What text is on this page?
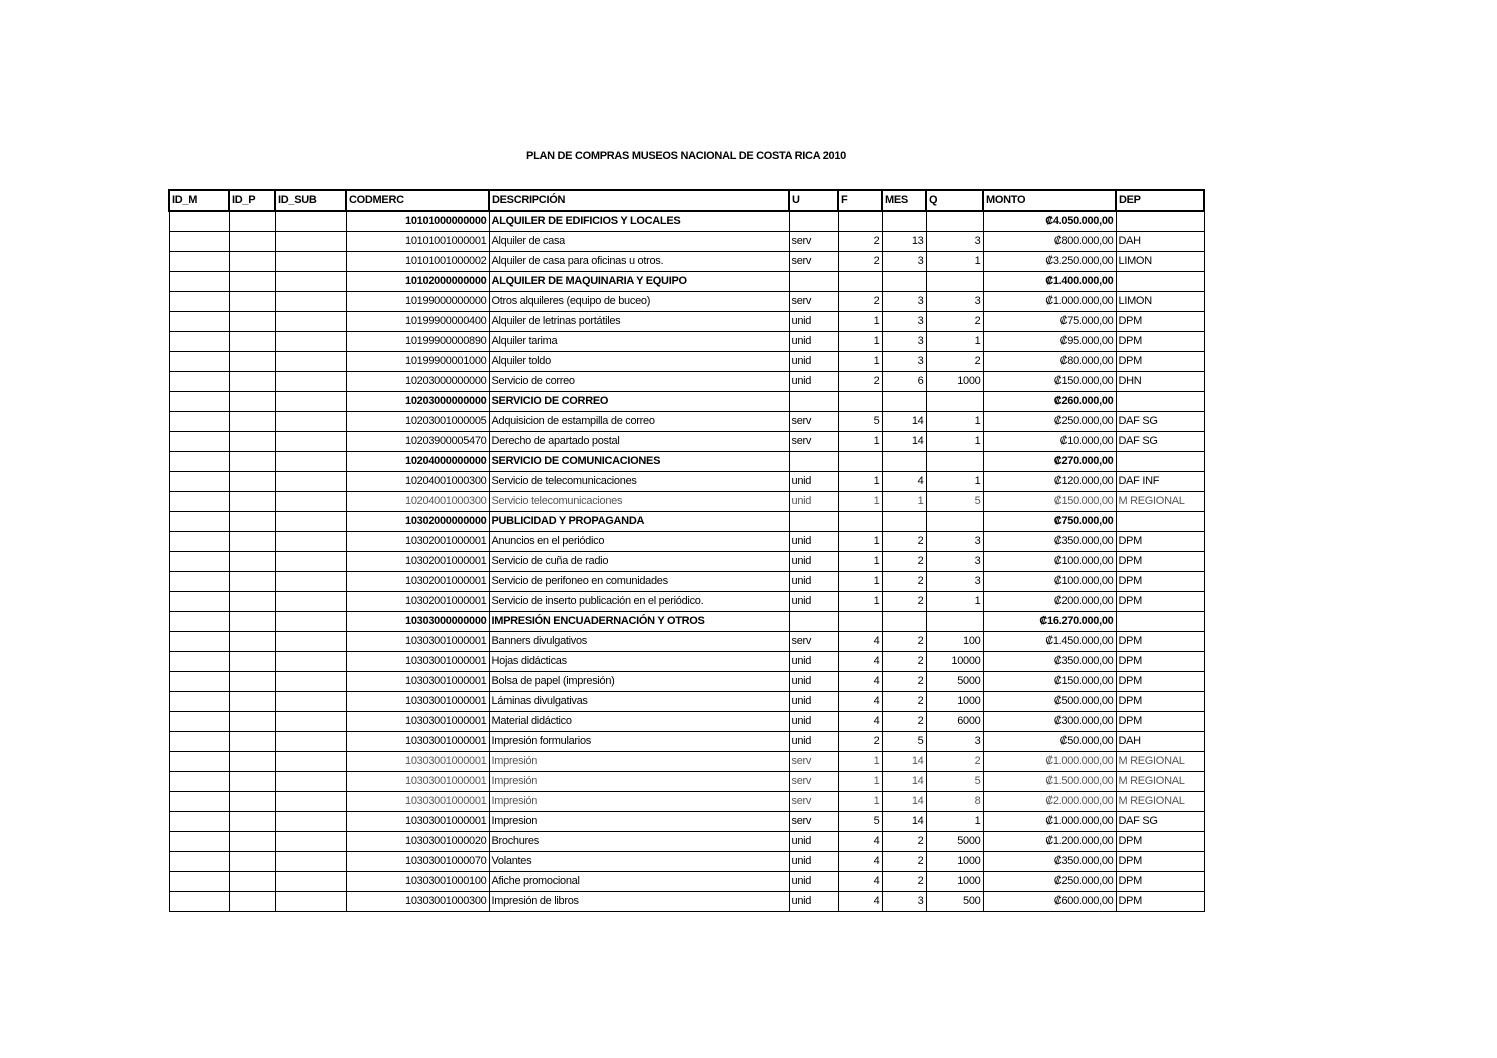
PLAN DE COMPRAS MUSEOS NACIONAL DE COSTA RICA 2010
ID_M	ID_P	ID_SUB	CODMERC	DESCRIPCIÓN	U	F	MES	Q	MONTO	DEP
			10101000000000	ALQUILER DE EDIFICIOS Y LOCALES					₡4.050.000,00	
			10101001000001	Alquiler de casa	serv	2	13	3	₡800.000,00	DAH
			10101001000002	Alquiler de casa para oficinas u otros.	serv	2	3	1	₡3.250.000,00	LIMON
			10102000000000	ALQUILER DE MAQUINARIA Y EQUIPO					₡1.400.000,00	
			10199000000000	Otros alquileres (equipo de buceo)	serv	2	3	3	₡1.000.000,00	LIMON
			10199900000400	Alquiler de letrinas portátiles	unid	1	3	2	₡75.000,00	DPM
			10199900000890	Alquiler tarima	unid	1	3	1	₡95.000,00	DPM
			10199900001000	Alquiler toldo	unid	1	3	2	₡80.000,00	DPM
			10203000000000	Servicio de correo	unid	2	6	1000	₡150.000,00	DHN
			10203000000000	SERVICIO DE CORREO					₡260.000,00	
			10203001000005	Adquisicion de estampilla de correo	serv	5	14	1	₡250.000,00	DAF SG
			10203900005470	Derecho de apartado postal	serv	1	14	1	₡10.000,00	DAF SG
			10204000000000	SERVICIO DE COMUNICACIONES					₡270.000,00	
			10204001000300	Servicio de telecomunicaciones	unid	1	4	1	₡120.000,00	DAF INF
			10204001000300	Servicio telecomunicaciones	unid	1	1	5	₡150.000,00	M REGIONAL
			10302000000000	PUBLICIDAD Y PROPAGANDA					₡750.000,00	
			10302001000001	Anuncios en el periódico	unid	1	2	3	₡350.000,00	DPM
			10302001000001	Servicio de cuña de radio	unid	1	2	3	₡100.000,00	DPM
			10302001000001	Servicio de perifoneo en comunidades	unid	1	2	3	₡100.000,00	DPM
			10302001000001	Servicio de inserto publicación en el periódico.	unid	1	2	1	₡200.000,00	DPM
			10303000000000	IMPRESIÓN ENCUADERNACIÓN Y OTROS					₡16.270.000,00	
			10303001000001	Banners divulgativos	serv	4	2	100	₡1.450.000,00	DPM
			10303001000001	Hojas didácticas	unid	4	2	10000	₡350.000,00	DPM
			10303001000001	Bolsa de papel (impresión)	unid	4	2	5000	₡150.000,00	DPM
			10303001000001	Láminas divulgativas	unid	4	2	1000	₡500.000,00	DPM
			10303001000001	Material didáctico	unid	4	2	6000	₡300.000,00	DPM
			10303001000001	Impresión formularios	unid	2	5	3	₡50.000,00	DAH
			10303001000001	Impresión	serv	1	14	2	₡1.000.000,00	M REGIONAL
			10303001000001	Impresión	serv	1	14	5	₡1.500.000,00	M REGIONAL
			10303001000001	Impresión	serv	1	14	8	₡2.000.000,00	M REGIONAL
			10303001000001	Impresion	serv	5	14	1	₡1.000.000,00	DAF SG
			10303001000020	Brochures	unid	4	2	5000	₡1.200.000,00	DPM
			10303001000070	Volantes	unid	4	2	1000	₡350.000,00	DPM
			10303001000100	Afiche promocional	unid	4	2	1000	₡250.000,00	DPM
			10303001000300	Impresión de libros	unid	4	3	500	₡600.000,00	DPM
